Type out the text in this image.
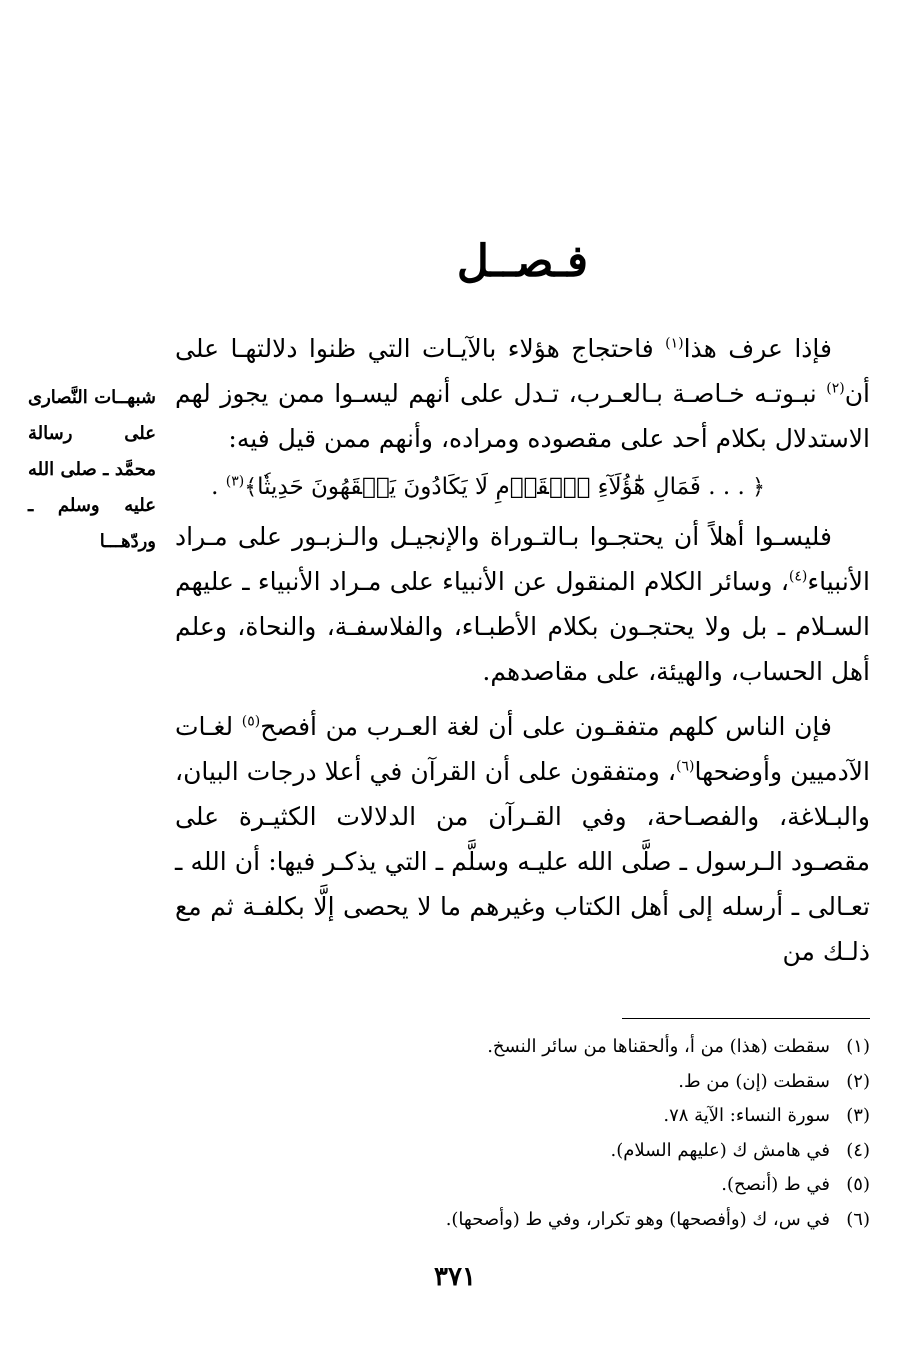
فـصــل
شبهــات النَّصارى على رسالة محمَّد ـ صلى الله عليه وسلم ـ وردّهـــا

فإذا عرف هذا$^{(١)}$ فاحتجاج هؤلاء بالآيـات التي ظنوا دلالتهـا على أن$^{(٢)}$ نبـوتـه خـاصـة بـالعـرب، تـدل على أنهم ليسـوا ممن يجوز لهم الاستدلال بكلام أحد على مقصوده ومراده، وأنهم ممن قيل فيه:

﴿ . . . فَمَالِ هَٰٓؤُلَآءِ ٱلۡقَوۡمِ لَا يَكَادُونَ يَفۡقَهُونَ حَدِيثٗا﴾$^{(٣)}$ .

فليسـوا أهلاً أن يحتجـوا بـالتـوراة والإنجيـل والـزبـور على مـراد الأنبياء$^{(٤)}$، وسائر الكلام المنقول عن الأنبياء على مـراد الأنبياء ـ عليهم السـلام ـ بل ولا يحتجـون بكلام الأطبـاء، والفلاسفـة، والنحاة، وعلم أهل الحساب، والهيئة، على مقاصدهم.

فإن الناس كلهم متفقـون على أن لغة العـرب من أفصح$^{(٥)}$ لغـات الآدميين وأوضحها$^{(٦)}$، ومتفقون على أن القرآن في أعلا درجات البيان، والبـلاغة، والفصـاحة، وفي القـرآن من الدلالات الكثيـرة على مقصـود الـرسول ـ صلَّى الله عليـه وسلَّم ـ التي يذكـر فيها: أن الله ـ تعـالى ـ أرسله إلى أهل الكتاب وغيرهم ما لا يحصى إلَّا بكلفـة ثم مع ذلـك من

(١)
سقطت (هذا) من أ، وألحقناها من سائر النسخ.
(٢)
سقطت (إن) من ط.
(٣)
سورة النساء: الآية ٧٨.
(٤)
في هامش ك (عليهم السلام).
(٥)
في ط (أنصح).
(٦)
في س، ك (وأفصحها) وهو تكرار، وفي ط (وأصحها).
٣٧١
